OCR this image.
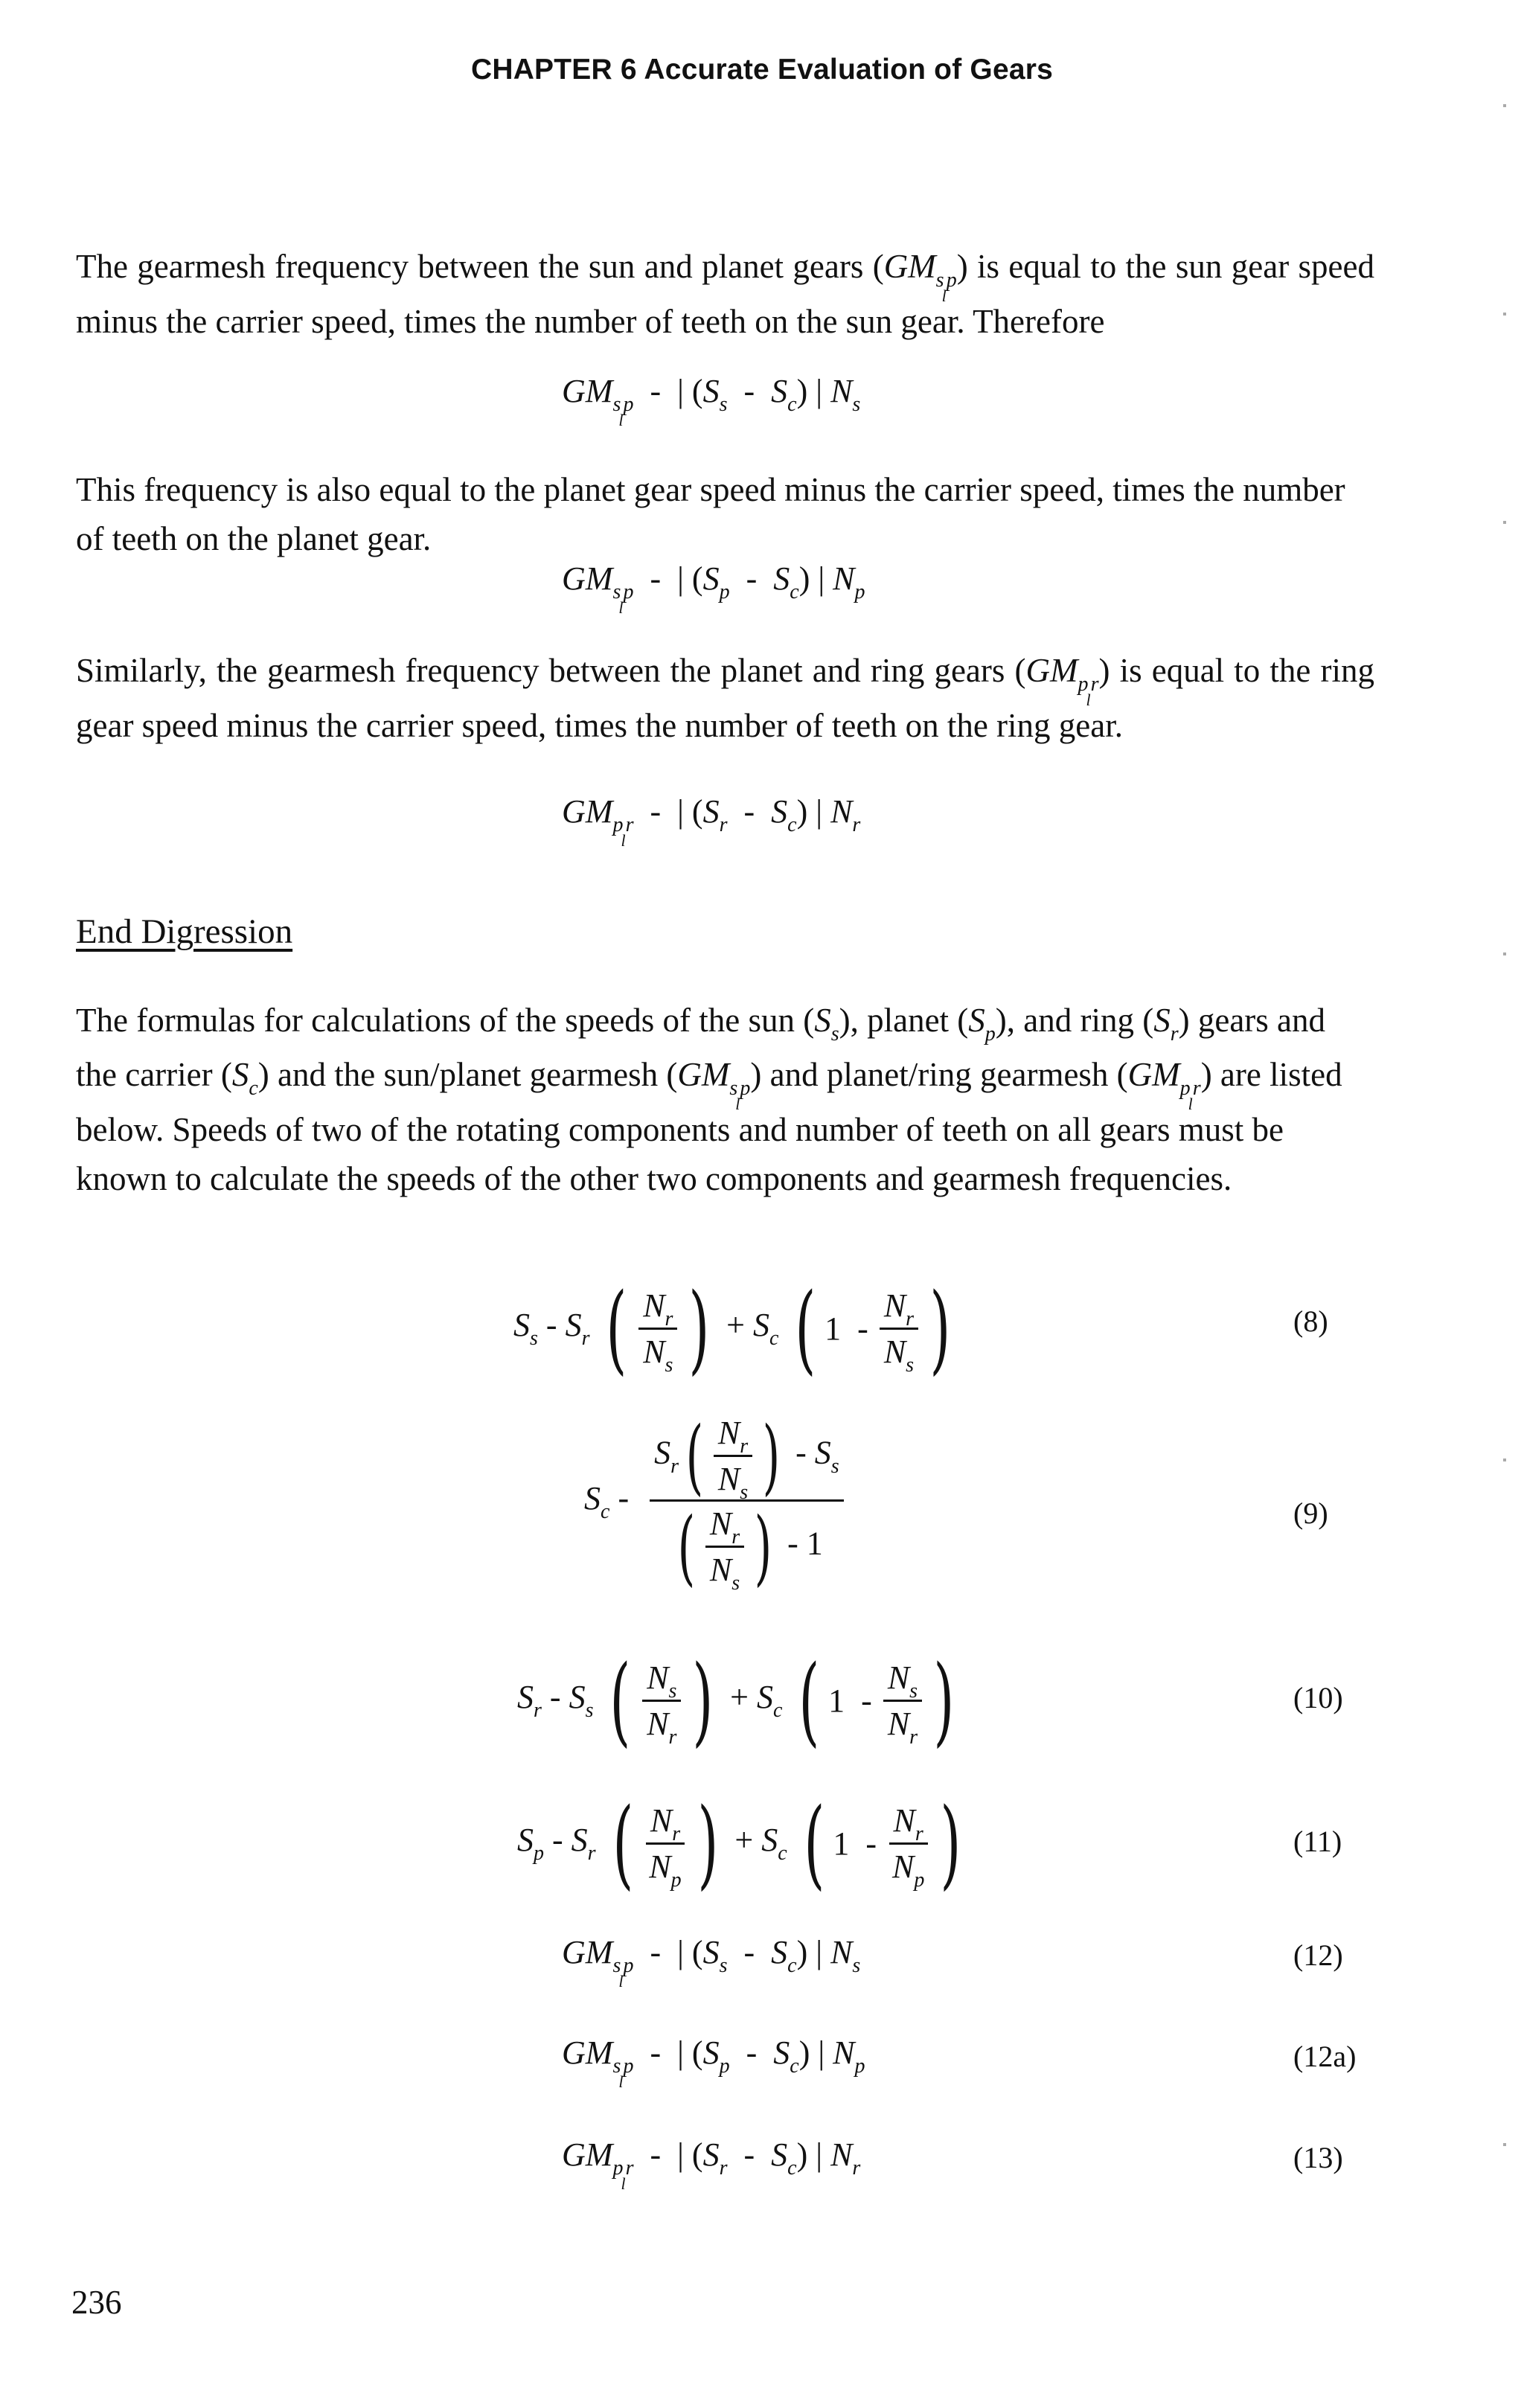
CHAPTER 6 Accurate Evaluation of Gears

The gearmesh frequency between the sun and planet gears $(GM_{s_lp})$ is equal to the sun gear speed minus the carrier speed, times the number of teeth on the sun gear. Therefore

$GM_{s_lp}$  -  | $(S_s - S_c)$ | $N_s$

This frequency is also equal to the planet gear speed minus the carrier speed, times the number of teeth on the planet gear.

$GM_{s_lp}$  -  | $(S_p - S_c)$ | $N_p$

Similarly, the gearmesh frequency between the planet and ring gears $(GM_{p_lr})$ is equal to the ring gear speed minus the carrier speed, times the number of teeth on the ring gear.

$GM_{p_lr}$  -  | $(S_r - S_c)$ | $N_r$
End Digression

The formulas for calculations of the speeds of the sun $(S_s)$, planet $(S_p)$, and ring $(S_r)$ gears and the carrier $(S_c)$ and the sun/planet gearmesh $(GM_{s_lp})$ and planet/ring gearmesh $(GM_{p_lr})$ are listed below. Speeds of two of the rotating components and number of teeth on all gears must be known to calculate the speeds of the other two components and gearmesh frequencies.

$S_s - S_r$ ( $\frac{N_r}{N_s}$ ) + $S_c$ ( $1 - \frac{N_r}{N_s}$ )	(8)
$S_c - \frac{S_r ( \frac{N_r}{N_s} ) - S_s}{( \frac{N_r}{N_s} ) - 1}$	(9)
$S_r - S_s$ ( $\frac{N_s}{N_r}$ ) + $S_c$ ( $1 - \frac{N_s}{N_r}$ )	(10)
$S_p - S_r$ ( $\frac{N_r}{N_p}$ ) + $S_c$ ( $1 - \frac{N_r}{N_p}$ )	(11)
$GM_{s_lp}$  -  | $(S_s - S_c)$ | $N_s$	(12)
$GM_{s_lp}$  -  | $(S_p - S_c)$ | $N_p$	(12a)
$GM_{p_lr}$  -  | $(S_r - S_c)$ | $N_r$	(13)
236
